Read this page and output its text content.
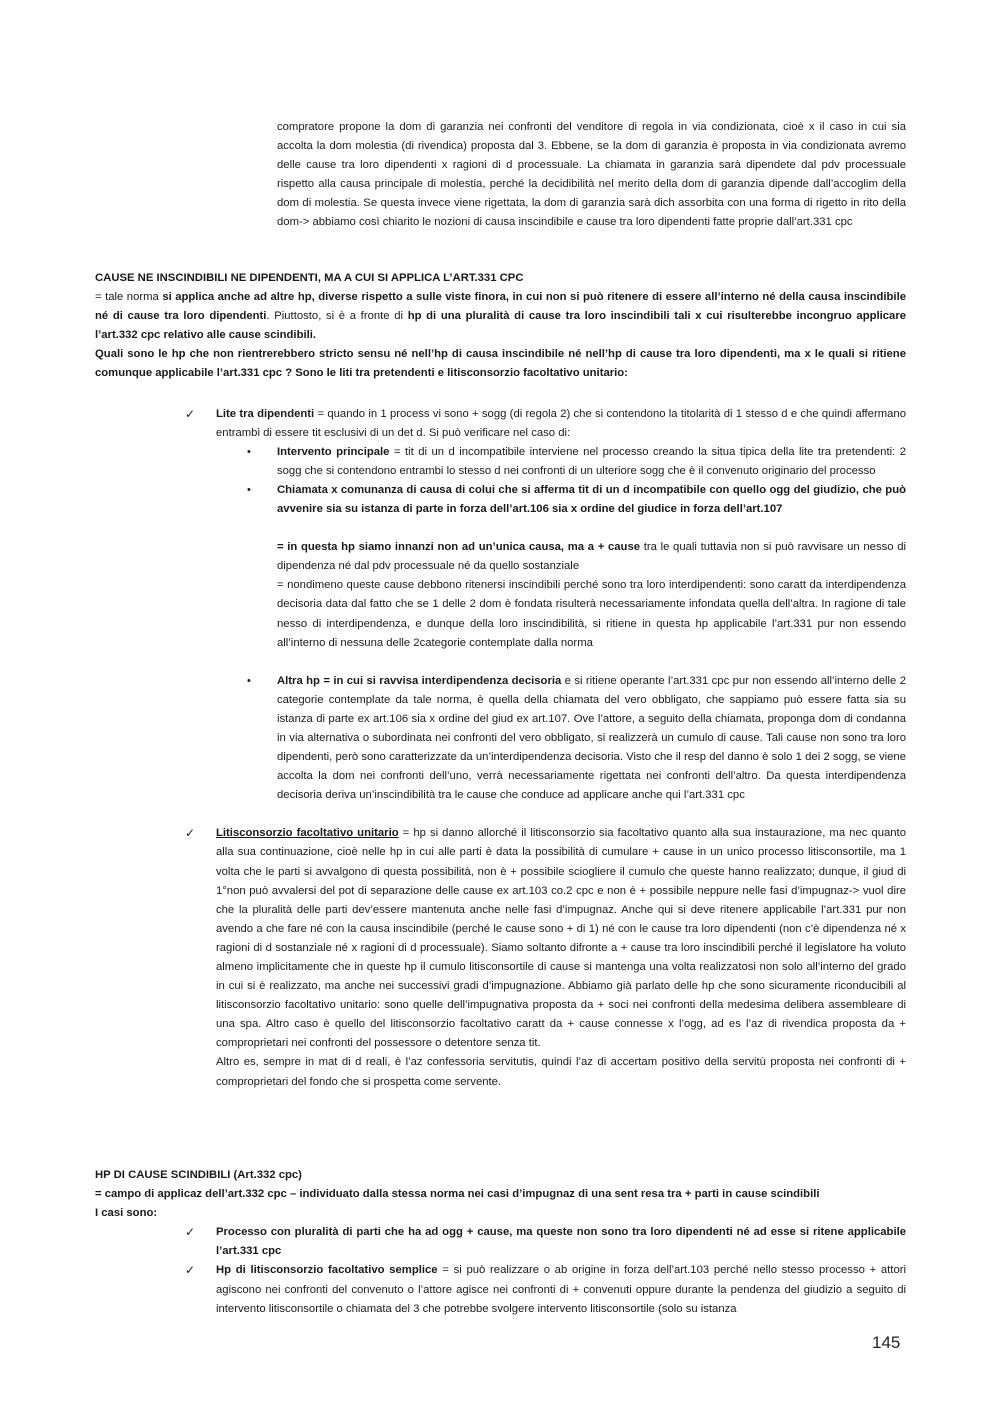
compratore propone la dom di garanzia nei confronti del venditore di regola in via condizionata, cioè x il caso in cui sia accolta la dom molestia (di rivendica) proposta dal 3. Ebbene, se la dom di garanzia è proposta in via condizionata avremo delle cause tra loro dipendenti x ragioni di d processuale. La chiamata in garanzia sarà dipendete dal pdv processuale rispetto alla causa principale di molestia, perché la decidibilità nel merito della dom di garanzia dipende dall’accoglim della dom di molestia. Se questa invece viene rigettata, la dom di garanzia sarà dich assorbita con una forma di rigetto in rito della dom-> abbiamo così chiarito le nozioni di causa inscindibile e cause tra loro dipendenti fatte proprie dall’art.331 cpc
CAUSE NE INSCINDIBILI NE DIPENDENTI, MA A CUI SI APPLICA L’ART.331 CPC
= tale norma si applica anche ad altre hp, diverse rispetto a sulle viste finora, in cui non si può ritenere di essere all’interno né della causa inscindibile né di cause tra loro dipendenti. Piuttosto, si è a fronte di hp di una pluralità di cause tra loro inscindibili tali x cui risulterebbe incongruo applicare l’art.332 cpc relativo alle cause scindibili.
Quali sono le hp che non rientrerebbero stricto sensu né nell’hp di causa inscindibile né nell’hp di cause tra loro dipendenti, ma x le quali si ritiene comunque applicabile l’art.331 cpc ? Sono le liti tra pretendenti e litisconsorzio facoltativo unitario:
✓ Lite tra dipendenti = quando in 1 process vi sono + sogg (di regola 2) che si contendono la titolarità di 1 stesso d e che quindi affermano entrambi di essere tit esclusivi di un det d. Si può verificare nel caso di:
• Intervento principale = tit di un d incompatibile interviene nel processo creando la situa tipica della lite tra pretendenti: 2 sogg che si contendono entrambi lo stesso d nei confronti di un ulteriore sogg che è il convenuto originario del processo
• Chiamata x comunanza di causa di colui che si afferma tit di un d incompatibile con quello ogg del giudizio, che può avvenire sia su istanza di parte in forza dell’art.106 sia x ordine del giudice in forza dell’art.107
= in questa hp siamo innanzi non ad un’unica causa, ma a + cause tra le quali tuttavia non si può ravvisare un nesso di dipendenza né dal pdv processuale né da quello sostanziale
= nondimeno queste cause debbono ritenersi inscindibili perché sono tra loro interdipendenti: sono caratt da interdipendenza decisoria data dal fatto che se 1 delle 2 dom è fondata risulterà necessariamente infondata quella dell’altra. In ragione di tale nesso di interdipendenza, e dunque della loro inscindibilità, si ritiene in questa hp applicabile l’art.331 pur non essendo all’interno di nessuna delle 2categorie contemplate dalla norma
• Altra hp = in cui si ravvisa interdipendenza decisoria e si ritiene operante l’art.331 cpc pur non essendo all’interno delle 2 categorie contemplate da tale norma, è quella della chiamata del vero obbligato, che sappiamo può essere fatta sia su istanza di parte ex art.106 sia x ordine del giud ex art.107. Ove l’attore, a seguito della chiamata, proponga dom di condanna in via alternativa o subordinata nei confronti del vero obbligato, si realizzerà un cumulo di cause. Tali cause non sono tra loro dipendenti, però sono caratterizzate da un’interdipendenza decisoria. Visto che il resp del danno è solo 1 dei 2 sogg, se viene accolta la dom nei confronti dell’uno, verrà necessariamente rigettata nei confronti dell’altro. Da questa interdipendenza decisoria deriva un’inscindibilità tra le cause che conduce ad applicare anche qui l’art.331 cpc
✓ Litisconsorzio facoltativo unitario = hp si danno allorché il litisconsorzio sia facoltativo quanto alla sua instaurazione, ma nec quanto alla sua continuazione, cioè nelle hp in cui alle parti è data la possibilità di cumulare + cause in un unico processo litisconsortile, ma 1 volta che le parti si avvalgono di questa possibilità, non è + possibile sciogliere il cumulo che queste hanno realizzato; dunque, il giud di 1°non può avvalersi del pot di separazione delle cause ex art.103 co.2 cpc e non è + possibile neppure nelle fasi d’impugnaz-> vuol dire che la pluralità delle parti dev’essere mantenuta anche nelle fasi d’impugnaz. Anche qui si deve ritenere applicabile l’art.331 pur non avendo a che fare né con la causa inscindibile (perché le cause sono + di 1) né con le cause tra loro dipendenti (non c’è dipendenza né x ragioni di d sostanziale né x ragioni di d processuale). Siamo soltanto difronte a + cause tra loro inscindibili perché il legislatore ha voluto almeno implicitamente che in queste hp il cumulo litisconsortile di cause si mantenga una volta realizzatosi non solo all’interno del grado in cui si è realizzato, ma anche nei successivi gradi d’impugnazione. Abbiamo già parlato delle hp che sono sicuramente riconducibili al litisconsorzio facoltativo unitario: sono quelle dell’impugnativa proposta da + soci nei confronti della medesima delibera assembleare di una spa. Altro caso è quello del litisconsorzio facoltativo caratt da + cause connesse x l’ogg, ad es l’az di rivendica proposta da + comproprietari nei confronti del possessore o detentore senza tit.
Altro es, sempre in mat di d reali, è l’az confessoria servitutis, quindi l’az di accertam positivo della servitù proposta nei confronti di + comproprietari del fondo che si prospetta come servente.
HP DI CAUSE SCINDIBILI (Art.332 cpc)
= campo di applicaz dell’art.332 cpc – individuato dalla stessa norma nei casi d’impugnaz di una sent resa tra + parti in cause scindibili
I casi sono:
✓ Processo con pluralità di parti che ha ad ogg + cause, ma queste non sono tra loro dipendenti né ad esse si ritene applicabile l’art.331 cpc
✓ Hp di litisconsorzio facoltativo semplice = si può realizzare o ab origine in forza dell’art.103 perché nello stesso processo + attori agiscono nei confronti del convenuto o l’attore agisce nei confronti di + convenuti oppure durante la pendenza del giudizio a seguito di intervento litisconsortile o chiamata del 3 che potrebbe svolgere intervento litisconsortile (solo su istanza
145
